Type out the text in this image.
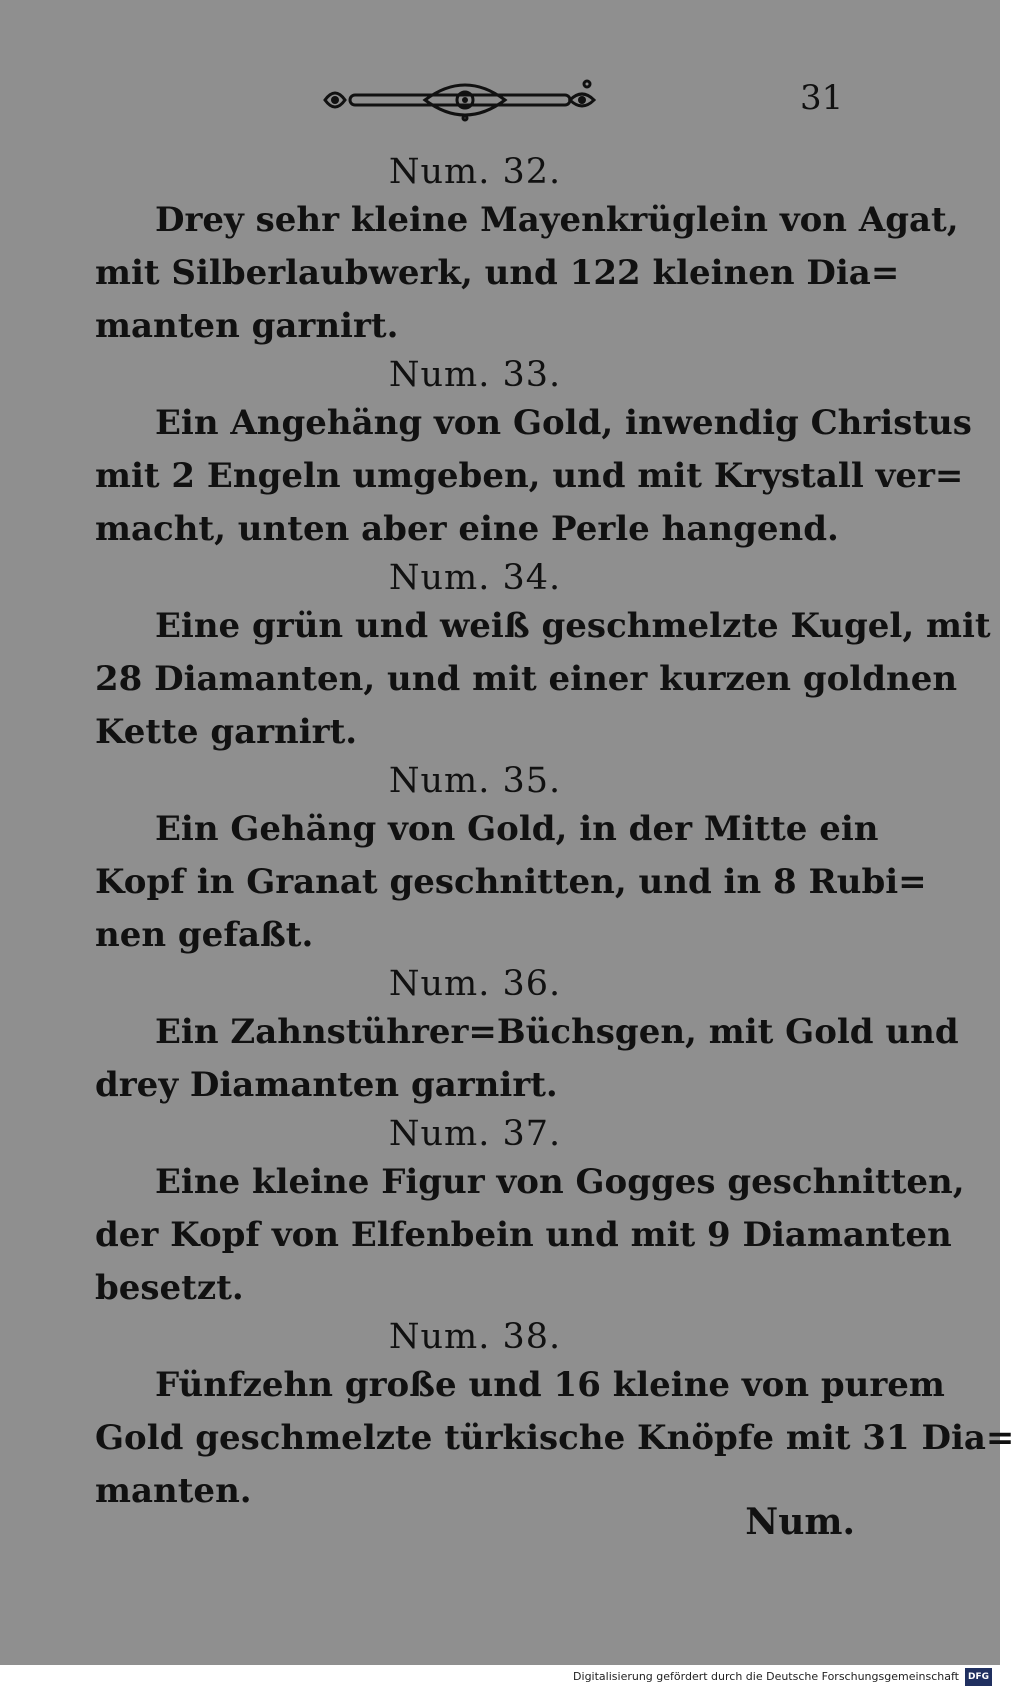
31
Num. 32.
Drey sehr kleine Mayenkrüglein von Agat,
mit Silberlaubwerk, und 122 kleinen Dia=
manten garnirt.
Num. 33.
Ein Angehäng von Gold, inwendig Christus
mit 2 Engeln umgeben, und mit Krystall ver=
macht, unten aber eine Perle hangend.
Num. 34.
Eine grün und weiß geschmelzte Kugel, mit
28 Diamanten, und mit einer kurzen goldnen
Kette garnirt.
Num. 35.
Ein Gehäng von Gold, in der Mitte ein
Kopf in Granat geschnitten, und in 8 Rubi=
nen gefaßt.
Num. 36.
Ein Zahnstührer=Büchsgen, mit Gold und
drey Diamanten garnirt.
Num. 37.
Eine kleine Figur von Gogges geschnitten,
der Kopf von Elfenbein und mit 9 Diamanten
besetzt.
Num. 38.
Fünfzehn große und 16 kleine von purem
Gold geschmelzte türkische Knöpfe mit 31 Dia=
manten.
Num.
Digitalisierung gefördert durch die Deutsche Forschungsgemeinschaft	DFG
